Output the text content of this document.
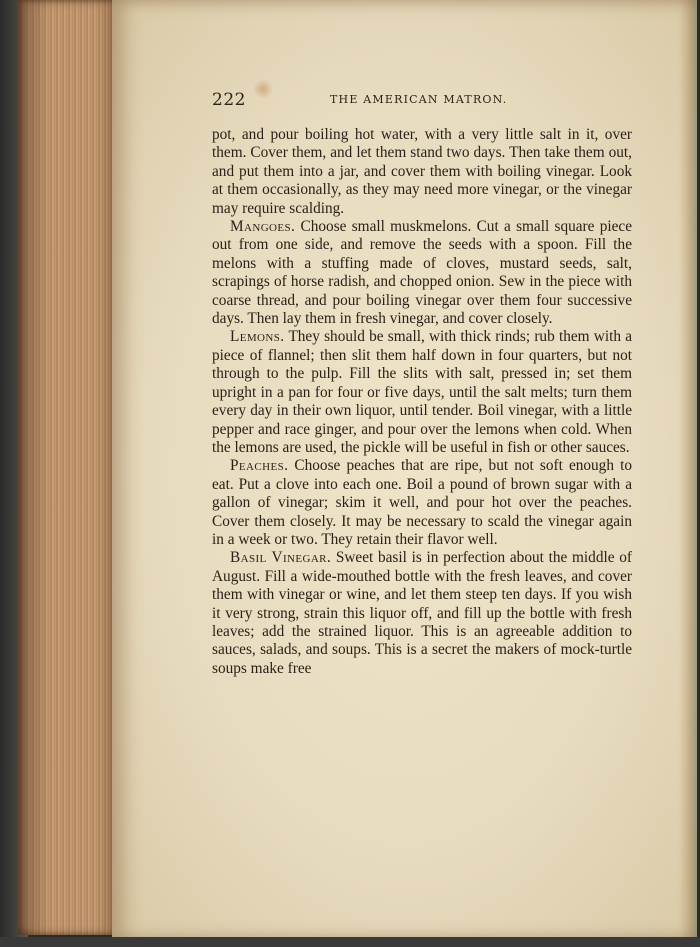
222	THE AMERICAN MATRON.

pot, and pour boiling hot water, with a very little salt in it, over them. Cover them, and let them stand two days. Then take them out, and put them into a jar, and cover them with boiling vinegar. Look at them occasionally, as they may need more vinegar, or the vinegar may require scalding.

Mangoes. Choose small muskmelons. Cut a small square piece out from one side, and remove the seeds with a spoon. Fill the melons with a stuffing made of cloves, mustard seeds, salt, scrapings of horse radish, and chopped onion. Sew in the piece with coarse thread, and pour boiling vinegar over them four successive days. Then lay them in fresh vinegar, and cover closely.

Lemons. They should be small, with thick rinds; rub them with a piece of flannel; then slit them half down in four quarters, but not through to the pulp. Fill the slits with salt, pressed in; set them upright in a pan for four or five days, until the salt melts; turn them every day in their own liquor, until tender. Boil vinegar, with a little pepper and race ginger, and pour over the lemons when cold. When the lemons are used, the pickle will be useful in fish or other sauces.

Peaches. Choose peaches that are ripe, but not soft enough to eat. Put a clove into each one. Boil a pound of brown sugar with a gallon of vinegar; skim it well, and pour hot over the peaches. Cover them closely. It may be necessary to scald the vinegar again in a week or two. They retain their flavor well.

Basil Vinegar. Sweet basil is in perfection about the middle of August. Fill a wide-mouthed bottle with the fresh leaves, and cover them with vinegar or wine, and let them steep ten days. If you wish it very strong, strain this liquor off, and fill up the bottle with fresh leaves; add the strained liquor. This is an agreeable addition to sauces, salads, and soups. This is a secret the makers of mock-turtle soups make free
